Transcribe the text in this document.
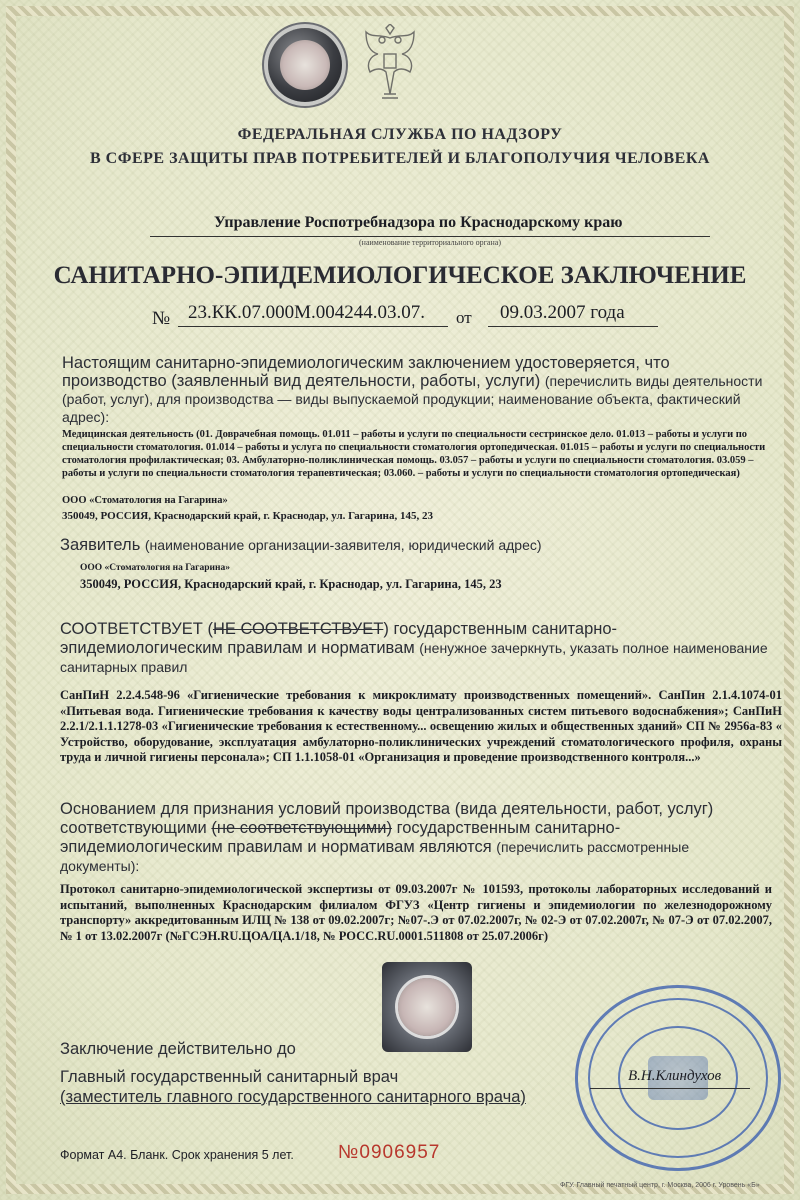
ФЕДЕРАЛЬНАЯ СЛУЖБА ПО НАДЗОРУ
В СФЕРЕ ЗАЩИТЫ ПРАВ ПОТРЕБИТЕЛЕЙ И БЛАГОПОЛУЧИЯ ЧЕЛОВЕКА
Управление Роспотребнадзора по Краснодарскому краю
(наименование территориального органа)
САНИТАРНО-ЭПИДЕМИОЛОГИЧЕСКОЕ ЗАКЛЮЧЕНИЕ
№ 23.КК.07.000М.004244.03.07. от 09.03.2007 года
Настоящим санитарно-эпидемиологическим заключением удостоверяется, что производство (заявленный вид деятельности, работы, услуги) (перечислить виды деятельности (работ, услуг), для производства — виды выпускаемой продукции; наименование объекта, фактический адрес):
Медицинская деятельность (01. Доврачебная помощь. 01.011 – работы и услуги по специальности сестринское дело. 01.013 – работы и услуги по специальности стоматология. 01.014 – работы и услуга по специальности стоматология ортопедическая. 01.015 – работы и услуги по специальности стоматология профилактическая; 03. Амбулаторно-поликлиническая помощь. 03.057 – работы и услуги по специальности стоматология. 03.059 – работы и услуги по специальности стоматология терапевтическая; 03.060. – работы и услуги по специальности стоматология ортопедическая)
ООО «Стоматология на Гагарина»
350049, РОССИЯ, Краснодарский край, г. Краснодар, ул. Гагарина, 145, 23
Заявитель (наименование организации-заявителя, юридический адрес)
ООО «Стоматология на Гагарина»
350049, РОССИЯ, Краснодарский край, г. Краснодар, ул. Гагарина, 145, 23
СООТВЕТСТВУЕТ (НЕ СООТВЕТСТВУЕТ) государственным санитарно-эпидемиологическим правилам и нормативам (ненужное зачеркнуть, указать полное наименование санитарных правил
СанПиН 2.2.4.548-96 «Гигиенические требования к микроклимату производственных помещений». СанПин 2.1.4.1074-01 «Питьевая вода. Гигиенические требования к качеству воды централизованных систем питьевого водоснабжения»; СанПиН 2.2.1/2.1.1.1278-03 «Гигиенические требования к естественному... освещению жилых и общественных зданий» СП № 2956а-83 « Устройство, оборудование, эксплуатация амбулаторно-поликлинических учреждений стоматологического профиля, охраны труда и личной гигиены персонала»; СП 1.1.1058-01 «Организация и проведение производственного контроля...»
Основанием для признания условий производства (вида деятельности, работ, услуг) соответствующими (не соответствующими) государственным санитарно-эпидемиологическим правилам и нормативам являются (перечислить рассмотренные документы):
Протокол санитарно-эпидемиологической экспертизы от 09.03.2007г № 101593, протоколы лабораторных исследований и испытаний, выполненных Краснодарским филиалом ФГУЗ «Центр гигиены и эпидемиологии по железнодорожному транспорту» аккредитованным ИЛЦ № 138 от 09.02.2007г; №07-.Э от 07.02.2007г, № 02-Э от 07.02.2007г, № 07-Э от 07.02.2007, № 1 от 13.02.2007г (№ГСЭН.RU.ЦОА/ЦА.1/18, № РОСС.RU.0001.511808 от 25.07.2006г)
Заключение действительно до
Главный государственный санитарный врач
(заместитель главного государственного санитарного врача)
В.Н.Клиндухов
Формат А4. Бланк. Срок хранения 5 лет. №0906957
ФГУ. Главный печатный центр, г. Москва, 2006 г. Уровень «Б»
